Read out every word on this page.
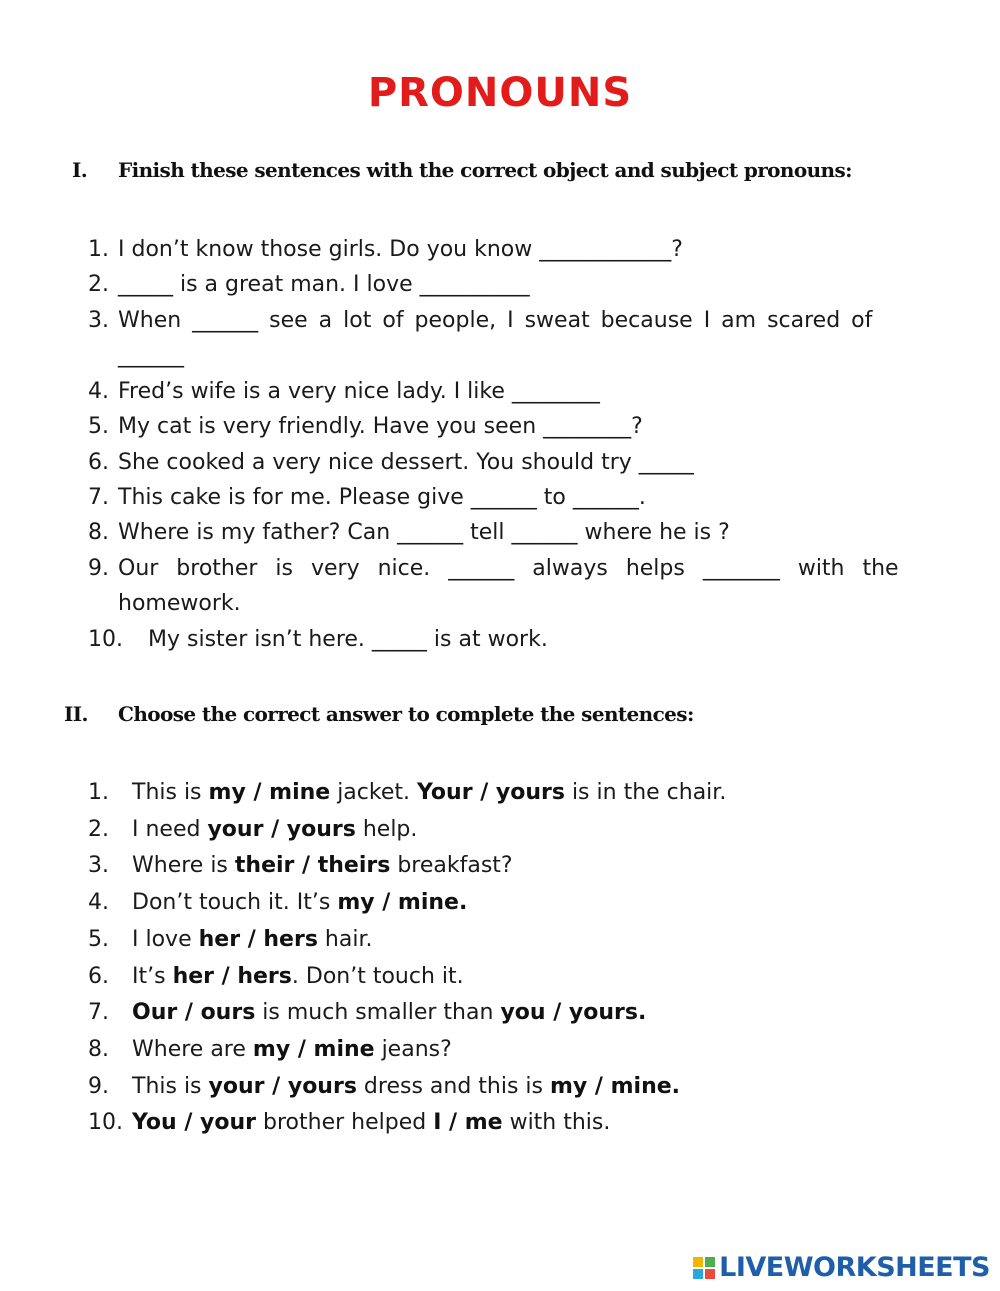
PRONOUNS
I. Finish these sentences with the correct object and subject pronouns:
1. I don’t know those girls. Do you know ____________?
2. _____ is a great man. I love __________
3. When ______ see a lot of people, I sweat because I am scared of
______
4. Fred’s wife is a very nice lady. I like ________
5. My cat is very friendly. Have you seen ________?
6. She cooked a very nice dessert. You should try _____
7. This cake is for me. Please give ______ to ______.
8. Where is my father? Can ______ tell ______ where he is ?
9. Our brother is very nice. ______ always helps _______ with the
homework.
10. My sister isn’t here. _____ is at work.
II. Choose the correct answer to complete the sentences:
1. This is my / mine jacket. Your / yours is in the chair.
2. I need your / yours help.
3. Where is their / theirs breakfast?
4. Don’t touch it. It’s my / mine.
5. I love her / hers hair.
6. It’s her / hers. Don’t touch it.
7. Our / ours is much smaller than you / yours.
8. Where are my / mine jeans?
9. This is your / yours dress and this is my / mine.
10. You / your brother helped I / me with this.
LIVEWORKSHEETS
